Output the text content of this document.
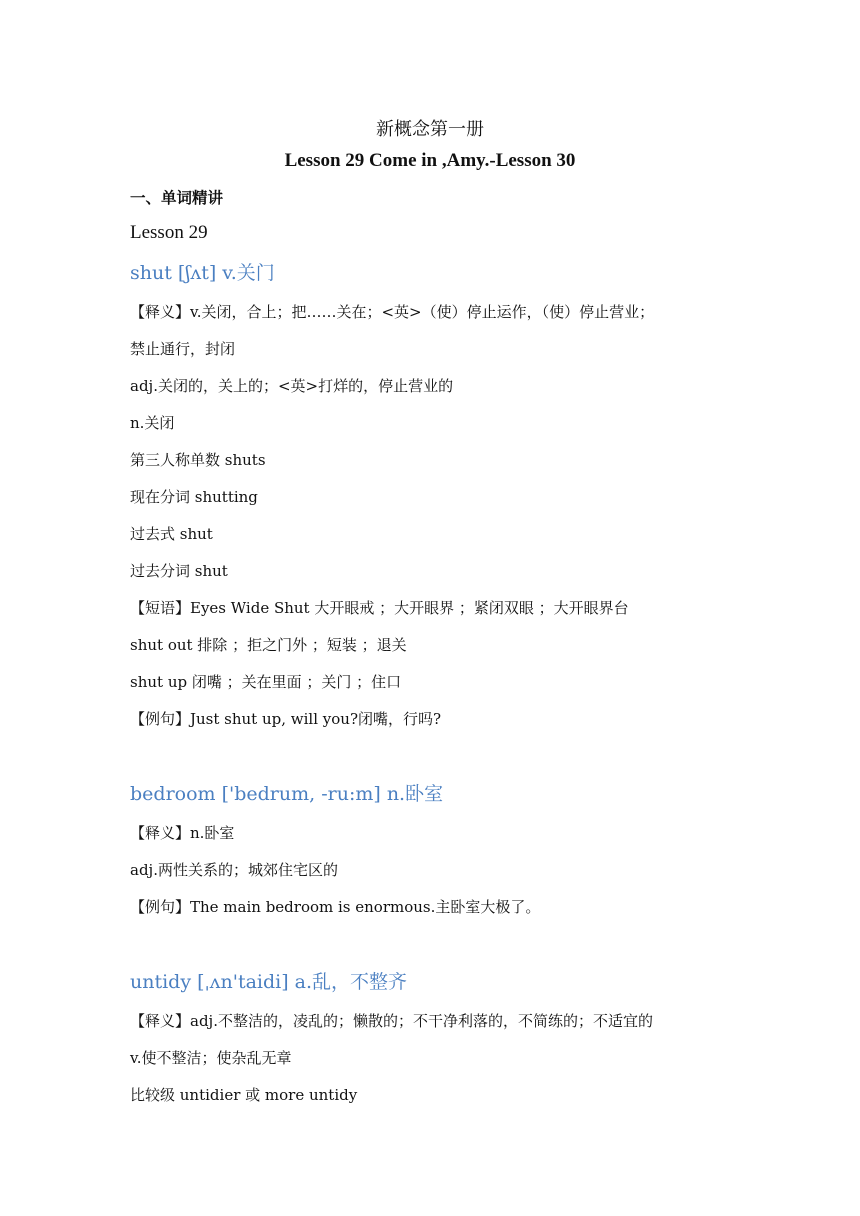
新概念第一册
Lesson 29 Come in ,Amy.-Lesson 30
一、单词精讲
Lesson 29
shut [ʃʌt] v.关门
【释义】v.关闭，合上；把……关在；<英>（使）停止运作，（使）停止营业；
禁止通行，封闭
adj.关闭的，关上的；<英>打烊的，停止营业的
n.关闭
第三人称单数 shuts
现在分词 shutting
过去式 shut
过去分词 shut
【短语】Eyes Wide Shut 大开眼戒 ；大开眼界 ；紧闭双眼 ；大开眼界台
shut out 排除 ；拒之门外 ；短装 ；退关
shut up 闭嘴 ；关在里面 ；关门 ；住口
【例句】Just shut up, will you?闭嘴，行吗?
bedroom ['bedrum, -ru:m] n.卧室
【释义】n.卧室
adj.两性关系的；城郊住宅区的
【例句】The main bedroom is enormous.主卧室大极了。
untidy [ˌʌn'taidi] a.乱，不整齐
【释义】adj.不整洁的，凌乱的；懒散的；不干净利落的，不简练的；不适宜的
v.使不整洁；使杂乱无章
比较级 untidier 或 more untidy
